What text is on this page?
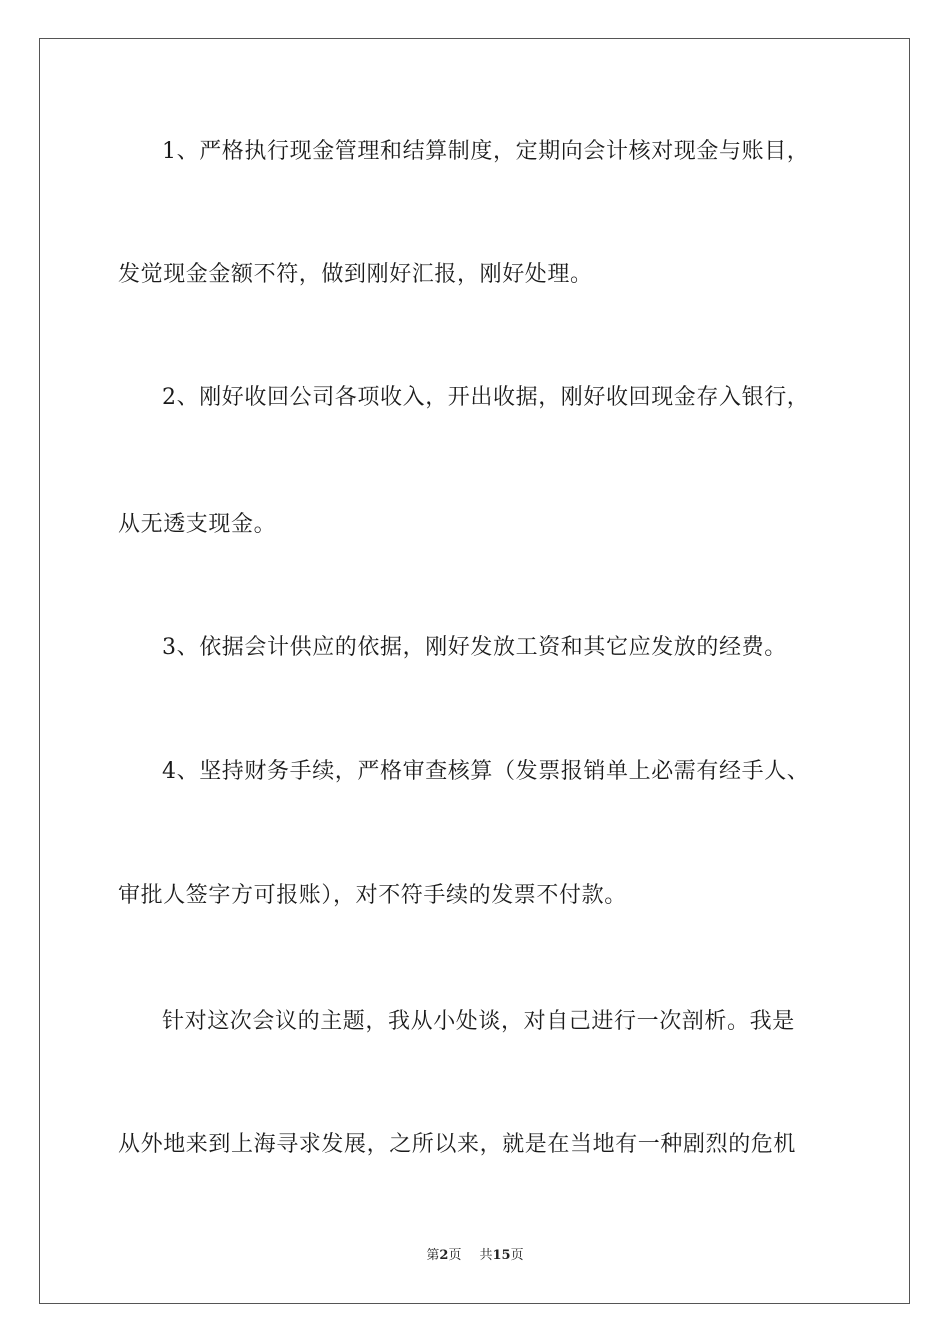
1、严格执行现金管理和结算制度，定期向会计核对现金与账目，
发觉现金金额不符，做到刚好汇报，刚好处理。
2、刚好收回公司各项收入，开出收据，刚好收回现金存入银行，
从无透支现金。
3、依据会计供应的依据，刚好发放工资和其它应发放的经费。
4、坚持财务手续，严格审查核算（发票报销单上必需有经手人、
审批人签字方可报账），对不符手续的发票不付款。
针对这次会议的主题，我从小处谈，对自己进行一次剖析。我是
从外地来到上海寻求发展，之所以来，就是在当地有一种剧烈的危机
第2页 共15页
